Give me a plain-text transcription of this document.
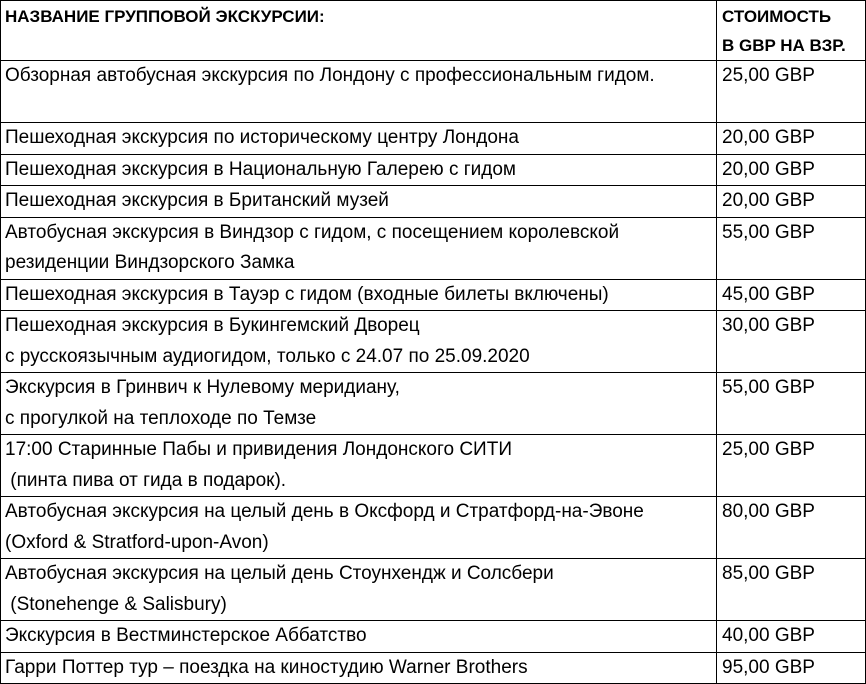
НАЗВАНИЕ ГРУППОВОЙ ЭКСКУРСИИ:	СТОИМОСТЬ
В GBP НА ВЗР.
Обзорная автобусная экскурсия по Лондону с профессиональным гидом.	25,00 GBP
Пешеходная экскурсия по историческому центру Лондона	20,00 GBP
Пешеходная экскурсия в Национальную Галерею с гидом	20,00 GBP
Пешеходная экскурсия в Британский музей	20,00 GBP
Автобусная экскурсия в Виндзор с гидом, с посещением королевской резиденции Виндзорского Замка	55,00 GBP
Пешеходная экскурсия в Тауэр с гидом (входные билеты включены)	45,00 GBP
Пешеходная экскурсия в Букингемский Дворец
с русскоязычным аудиогидом, только с 24.07 по 25.09.2020	30,00 GBP
Экскурсия в Гринвич к Нулевому меридиану,
с прогулкой на теплоходе по Темзе	55,00 GBP
17:00 Старинные Пабы и привидения Лондонского СИТИ
(пинта пива от гида в подарок).	25,00 GBP
Автобусная экскурсия на целый день в Оксфорд и Стратфорд-на-Эвоне (Oxford & Stratford-upon-Avon)	80,00 GBP
Автобусная экскурсия на целый день Стоунхендж и Солсбери
(Stonehenge & Salisbury)	85,00 GBP
Экскурсия в Вестминстерское Аббатство	40,00 GBP
Гарри Поттер тур – поездка на киностудию Warner Brothers	95,00 GBP
